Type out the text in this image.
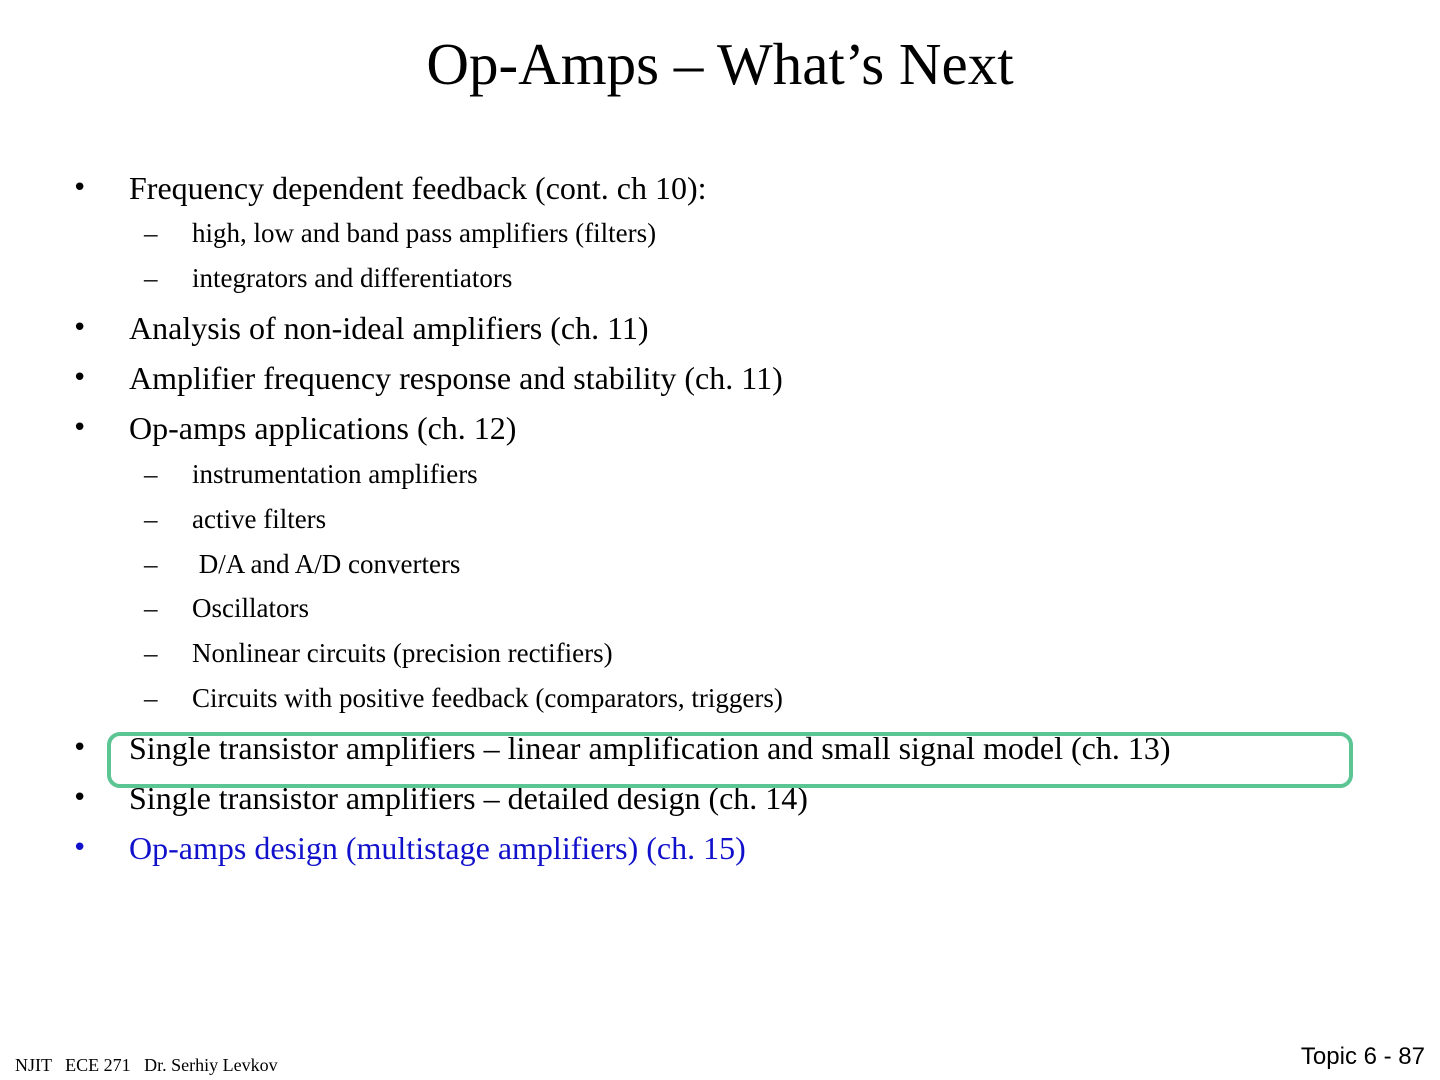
Op-Amps – What’s Next
• Frequency dependent feedback (cont. ch 10):
– high, low and band pass amplifiers (filters)
– integrators and differentiators
• Analysis of non-ideal amplifiers (ch. 11)
• Amplifier frequency response and stability (ch. 11)
• Op-amps applications (ch. 12)
– instrumentation amplifiers
– active filters
– D/A and A/D converters
– Oscillators
– Nonlinear circuits (precision rectifiers)
– Circuits with positive feedback (comparators, triggers)
• Single transistor amplifiers – linear amplification and small signal model (ch. 13)
• Single transistor amplifiers – detailed design (ch. 14)
• Op-amps design (multistage amplifiers) (ch. 15)
NJIT   ECE 271   Dr. Serhiy Levkov	Topic 6 - 87
